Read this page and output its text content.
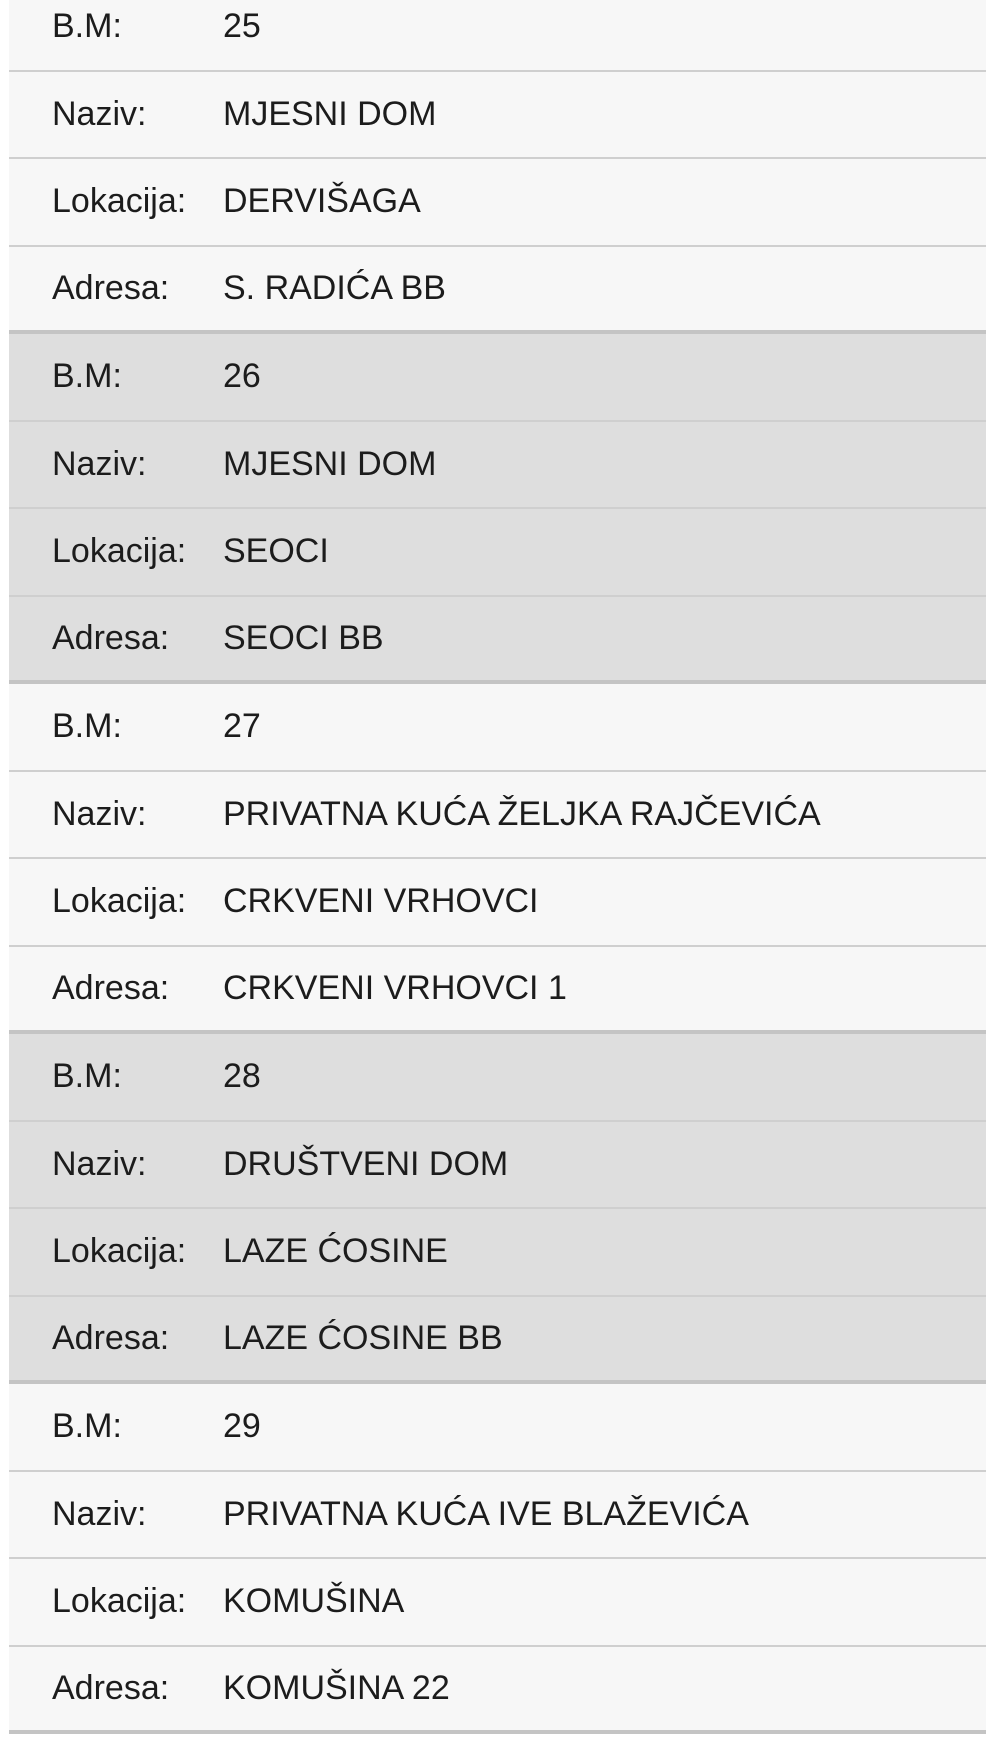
B.M:	25
Naziv:	MJESNI DOM
Lokacija:	DERVIŠAGA
Adresa:	S. RADIĆA BB
B.M:	26
Naziv:	MJESNI DOM
Lokacija:	SEOCI
Adresa:	SEOCI BB
B.M:	27
Naziv:	PRIVATNA KUĆA ŽELJKA RAJČEVIĆA
Lokacija:	CRKVENI VRHOVCI
Adresa:	CRKVENI VRHOVCI 1
B.M:	28
Naziv:	DRUŠTVENI DOM
Lokacija:	LAZE ĆOSINE
Adresa:	LAZE ĆOSINE BB
B.M:	29
Naziv:	PRIVATNA KUĆA IVE BLAŽEVIĆA
Lokacija:	KOMUŠINA
Adresa:	KOMUŠINA 22
